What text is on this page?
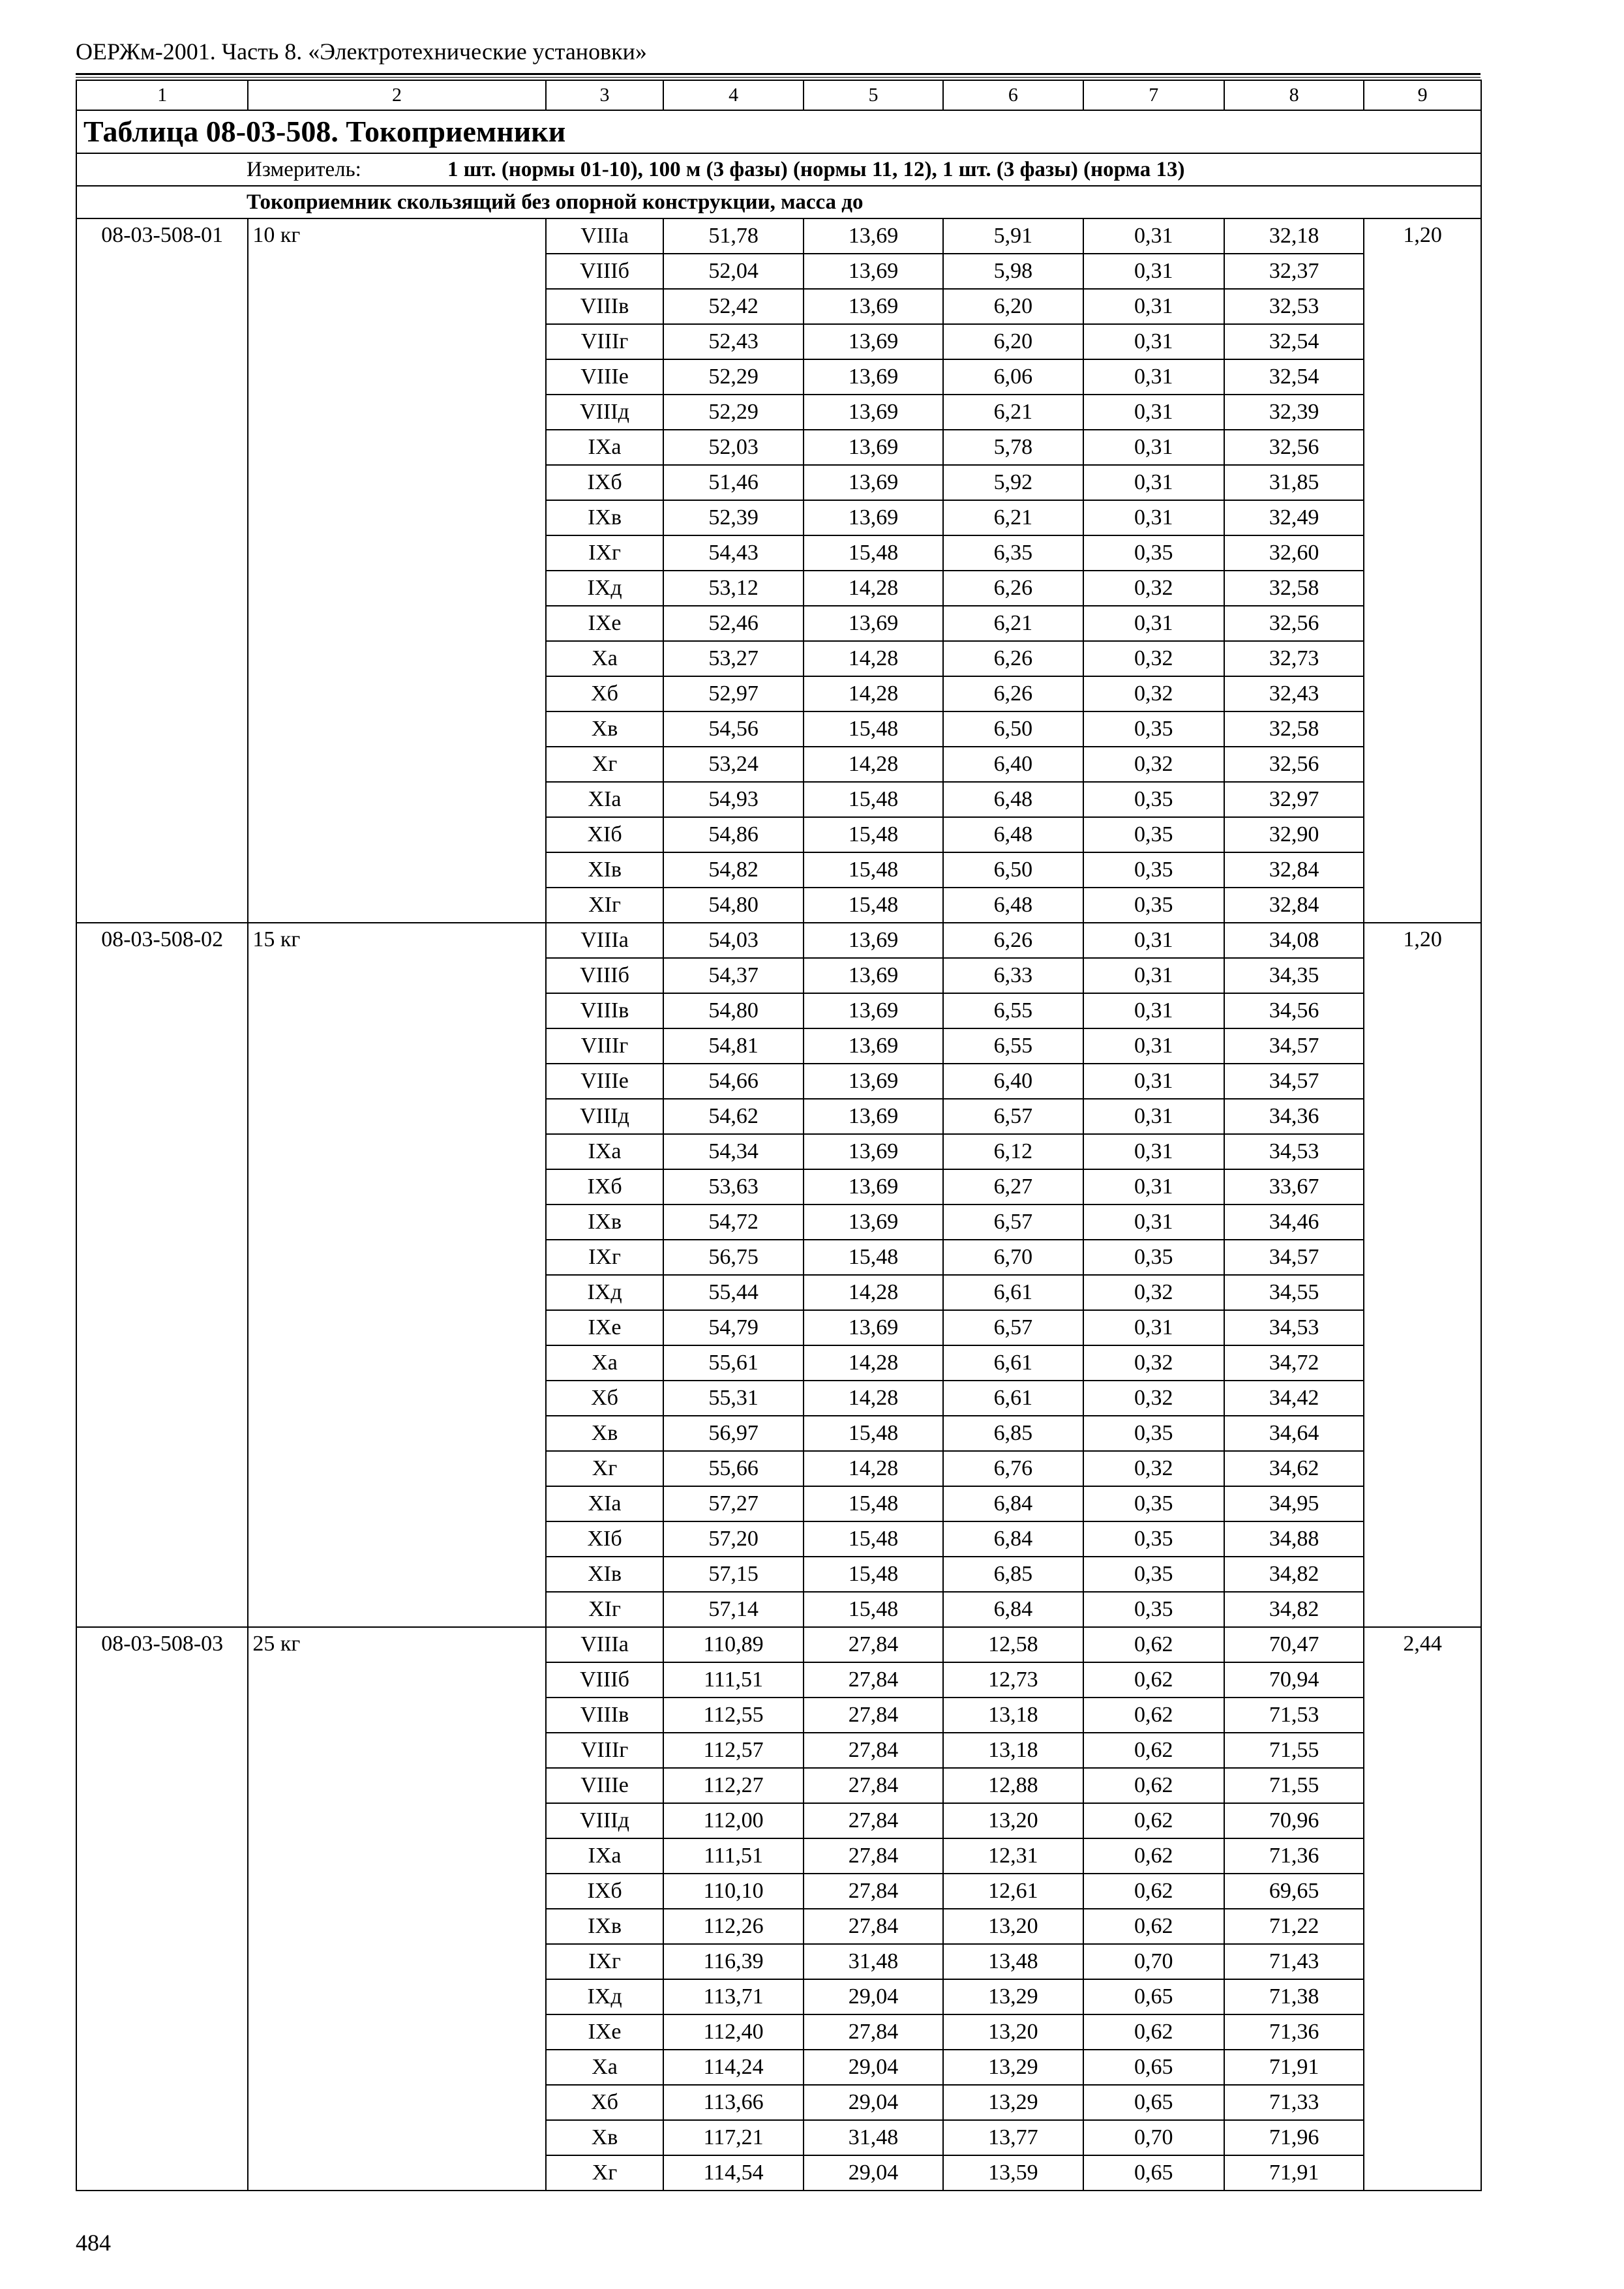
ОЕРЖм-2001. Часть 8. «Электротехнические установки»
1	2	3	4	5	6	7	8	9
Таблица 08-03-508. Токоприемники								
Измеритель: 1 шт. (нормы 01-10), 100 м (3 фазы) (нормы 11, 12), 1 шт. (3 фазы) (норма 13)								
Токоприемник скользящий без опорной конструкции, масса до								
08-03-508-01	10 кг	VIIIа	51,78	13,69	5,91	0,31	32,18	1,20
		VIIIб	52,04	13,69	5,98	0,31	32,37	
		VIIIв	52,42	13,69	6,20	0,31	32,53	
		VIIIг	52,43	13,69	6,20	0,31	32,54	
		VIIIе	52,29	13,69	6,06	0,31	32,54	
		VIIIд	52,29	13,69	6,21	0,31	32,39	
		IXа	52,03	13,69	5,78	0,31	32,56	
		IXб	51,46	13,69	5,92	0,31	31,85	
		IXв	52,39	13,69	6,21	0,31	32,49	
		IXг	54,43	15,48	6,35	0,35	32,60	
		IXд	53,12	14,28	6,26	0,32	32,58	
		IXе	52,46	13,69	6,21	0,31	32,56	
		Xа	53,27	14,28	6,26	0,32	32,73	
		Xб	52,97	14,28	6,26	0,32	32,43	
		Xв	54,56	15,48	6,50	0,35	32,58	
		Xг	53,24	14,28	6,40	0,32	32,56	
		XIа	54,93	15,48	6,48	0,35	32,97	
		XIб	54,86	15,48	6,48	0,35	32,90	
		XIв	54,82	15,48	6,50	0,35	32,84	
		XIг	54,80	15,48	6,48	0,35	32,84	
08-03-508-02	15 кг	VIIIа	54,03	13,69	6,26	0,31	34,08	1,20
		VIIIб	54,37	13,69	6,33	0,31	34,35	
		VIIIв	54,80	13,69	6,55	0,31	34,56	
		VIIIг	54,81	13,69	6,55	0,31	34,57	
		VIIIе	54,66	13,69	6,40	0,31	34,57	
		VIIIд	54,62	13,69	6,57	0,31	34,36	
		IXа	54,34	13,69	6,12	0,31	34,53	
		IXб	53,63	13,69	6,27	0,31	33,67	
		IXв	54,72	13,69	6,57	0,31	34,46	
		IXг	56,75	15,48	6,70	0,35	34,57	
		IXд	55,44	14,28	6,61	0,32	34,55	
		IXе	54,79	13,69	6,57	0,31	34,53	
		Xа	55,61	14,28	6,61	0,32	34,72	
		Xб	55,31	14,28	6,61	0,32	34,42	
		Xв	56,97	15,48	6,85	0,35	34,64	
		Xг	55,66	14,28	6,76	0,32	34,62	
		XIа	57,27	15,48	6,84	0,35	34,95	
		XIб	57,20	15,48	6,84	0,35	34,88	
		XIв	57,15	15,48	6,85	0,35	34,82	
		XIг	57,14	15,48	6,84	0,35	34,82	
08-03-508-03	25 кг	VIIIа	110,89	27,84	12,58	0,62	70,47	2,44
		VIIIб	111,51	27,84	12,73	0,62	70,94	
		VIIIв	112,55	27,84	13,18	0,62	71,53	
		VIIIг	112,57	27,84	13,18	0,62	71,55	
		VIIIе	112,27	27,84	12,88	0,62	71,55	
		VIIIд	112,00	27,84	13,20	0,62	70,96	
		IXа	111,51	27,84	12,31	0,62	71,36	
		IXб	110,10	27,84	12,61	0,62	69,65	
		IXв	112,26	27,84	13,20	0,62	71,22	
		IXг	116,39	31,48	13,48	0,70	71,43	
		IXд	113,71	29,04	13,29	0,65	71,38	
		IXе	112,40	27,84	13,20	0,62	71,36	
		Xа	114,24	29,04	13,29	0,65	71,91	
		Xб	113,66	29,04	13,29	0,65	71,33	
		Xв	117,21	31,48	13,77	0,70	71,96	
		Xг	114,54	29,04	13,59	0,65	71,91	
484
